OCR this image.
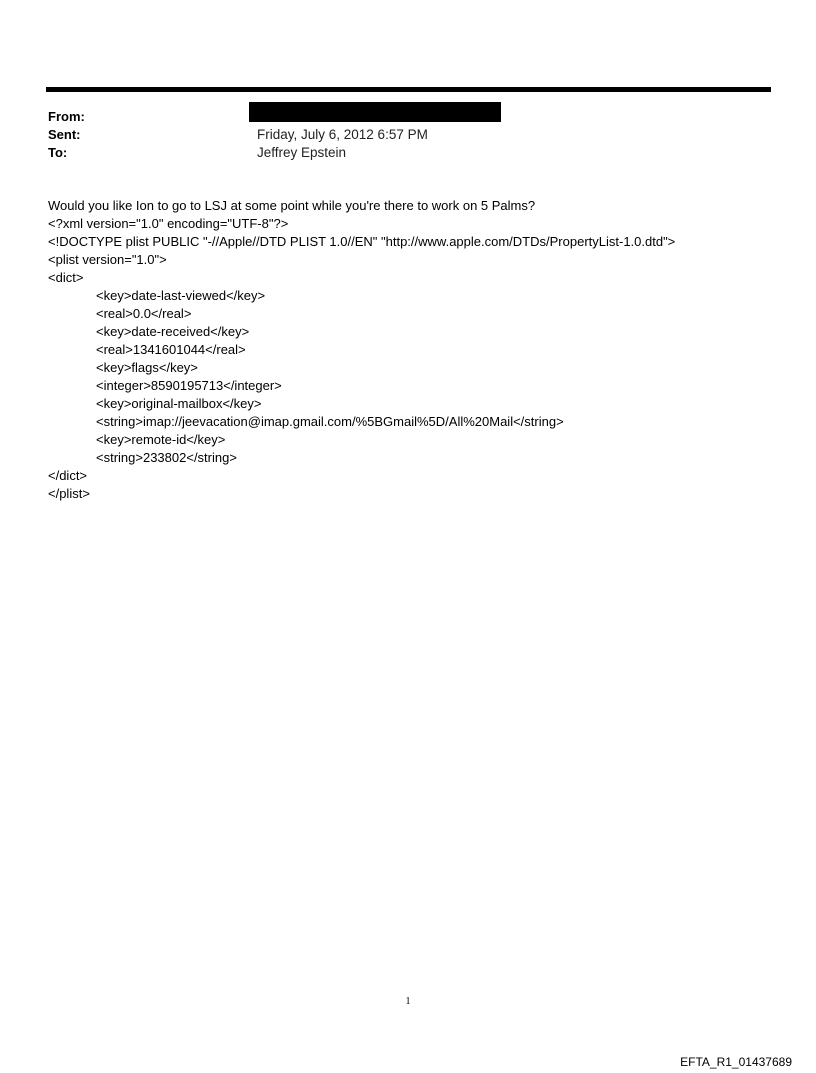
From:
Sent:	Friday, July 6, 2012 6:57 PM
To:	Jeffrey Epstein
Would you like Ion to go to LSJ at some point while you're there to work on 5 Palms?
<?xml version="1.0" encoding="UTF-8"?>
<!DOCTYPE plist PUBLIC "-//Apple//DTD PLIST 1.0//EN" "http://www.apple.com/DTDs/PropertyList-1.0.dtd">
<plist version="1.0">
<dict>
<key>date-last-viewed</key>
<real>0.0</real>
<key>date-received</key>
<real>1341601044</real>
<key>flags</key>
<integer>8590195713</integer>
<key>original-mailbox</key>
<string>imap://jeevacation@imap.gmail.com/%5BGmail%5D/All%20Mail</string>
<key>remote-id</key>
<string>233802</string>
</dict>
</plist>
1
EFTA_R1_01437689
